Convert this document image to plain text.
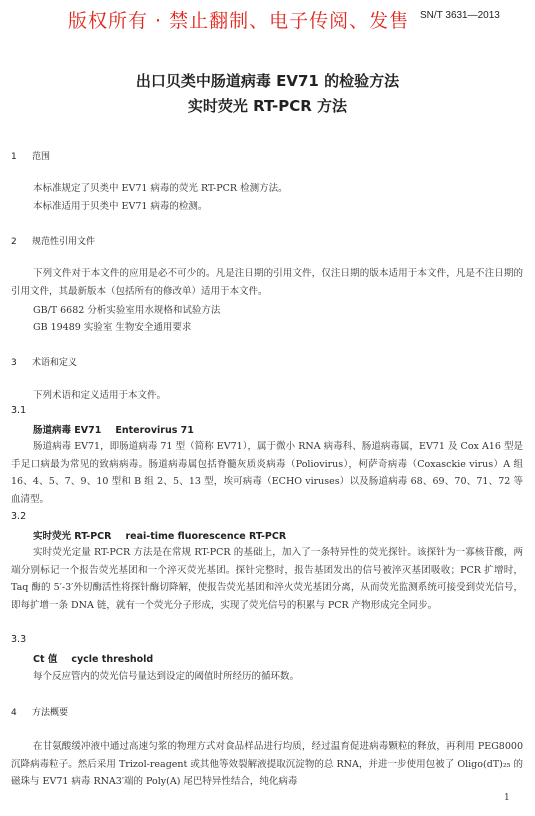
版权所有 · 禁止翻制、电子传阅、发售 SN/T 3631—2013
出口贝类中肠道病毒 EV71 的检验方法
实时荧光 RT-PCR 方法
1 范围
本标准规定了贝类中 EV71 病毒的荧光 RT-PCR 检测方法。
本标准适用于贝类中 EV71 病毒的检测。
2 规范性引用文件
下列文件对于本文件的应用是必不可少的。凡是注日期的引用文件，仅注日期的版本适用于本文件，凡是不注日期的引用文件，其最新版本（包括所有的修改单）适用于本文件。
GB/T 6682 分析实验室用水规格和试验方法
GB 19489 实验室 生物安全通用要求
3 术语和定义
下列术语和定义适用于本文件。
3.1
肠道病毒 EV71 Enterovirus 71
肠道病毒 EV71，即肠道病毒 71 型（简称 EV71），属于微小 RNA 病毒科、肠道病毒属，EV71 及 Cox A16 型是手足口病最为常见的致病病毒。肠道病毒属包括脊髓灰质炎病毒（Poliovirus），柯萨奇病毒（Coxasckie virus）A 组 16、4、5、7、9、10 型和 B 组 2、5、13 型，埃可病毒（ECHO viruses）以及肠道病毒 68、69、70、71、72 等血清型。
3.2
实时荧光 RT-PCR reai-time fluorescence RT-PCR
实时荧光定量 RT-PCR 方法是在常规 RT-PCR 的基础上，加入了一条特异性的荧光探针。该探针为一寡核苷酸，两端分别标记一个报告荧光基团和一个淬灭荧光基团。探针完整时，报告基团发出的信号被淬灭基团吸收；PCR 扩增时，Taq 酶的 5′-3′外切酶活性将探针酶切降解，使报告荧光基团和淬火荧光基团分离，从而荧光监测系统可接受到荧光信号，即每扩增一条 DNA 链，就有一个荧光分子形成，实现了荧光信号的积累与 PCR 产物形成完全同步。
3.3
Ct 值 cycle threshold
每个反应管内的荧光信号量达到设定的阈值时所经历的循环数。
4 方法概要
在甘氨酸缓冲液中通过高速匀浆的物理方式对食品样品进行均质，经过温育促进病毒颗粒的释放，再利用 PEG8000 沉降病毒粒子。然后采用 Trizol-reagent 或其他等效裂解液提取沉淀物的总 RNA，并进一步使用包被了 Oligo(dT)₂₅ 的磁珠与 EV71 病毒 RNA3′端的 Poly(A) 尾巴特异性结合，纯化病毒
1
